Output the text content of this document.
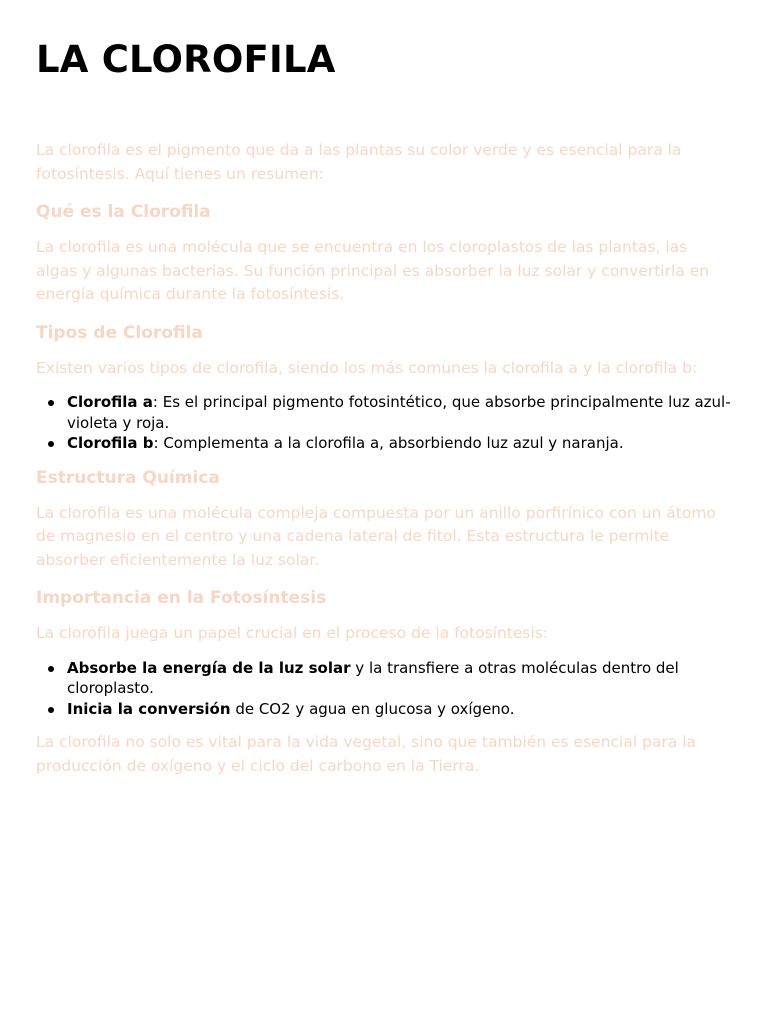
LA CLOROFILA

La clorofila es el pigmento que da a las plantas su color verde y es esencial para la fotosíntesis. Aquí tienes un resumen:

Qué es la Clorofila

La clorofila es una molécula que se encuentra en los cloroplastos de las plantas, las algas y algunas bacterias. Su función principal es absorber la luz solar y convertirla en energía química durante la fotosíntesis.

Tipos de Clorofila

Existen varios tipos de clorofila, siendo los más comunes la clorofila a y la clorofila b:

Clorofila a: Es el principal pigmento fotosintético, que absorbe principalmente luz azul-violeta y roja.
Clorofila b: Complementa a la clorofila a, absorbiendo luz azul y naranja.
Estructura Química

La clorofila es una molécula compleja compuesta por un anillo porfirínico con un átomo de magnesio en el centro y una cadena lateral de fitol. Esta estructura le permite absorber eficientemente la luz solar.

Importancia en la Fotosíntesis

La clorofila juega un papel crucial en el proceso de la fotosíntesis:

Absorbe la energía de la luz solar y la transfiere a otras moléculas dentro del cloroplasto.
Inicia la conversión de CO2 y agua en glucosa y oxígeno.

La clorofila no solo es vital para la vida vegetal, sino que también es esencial para la producción de oxígeno y el ciclo del carbono en la Tierra.
